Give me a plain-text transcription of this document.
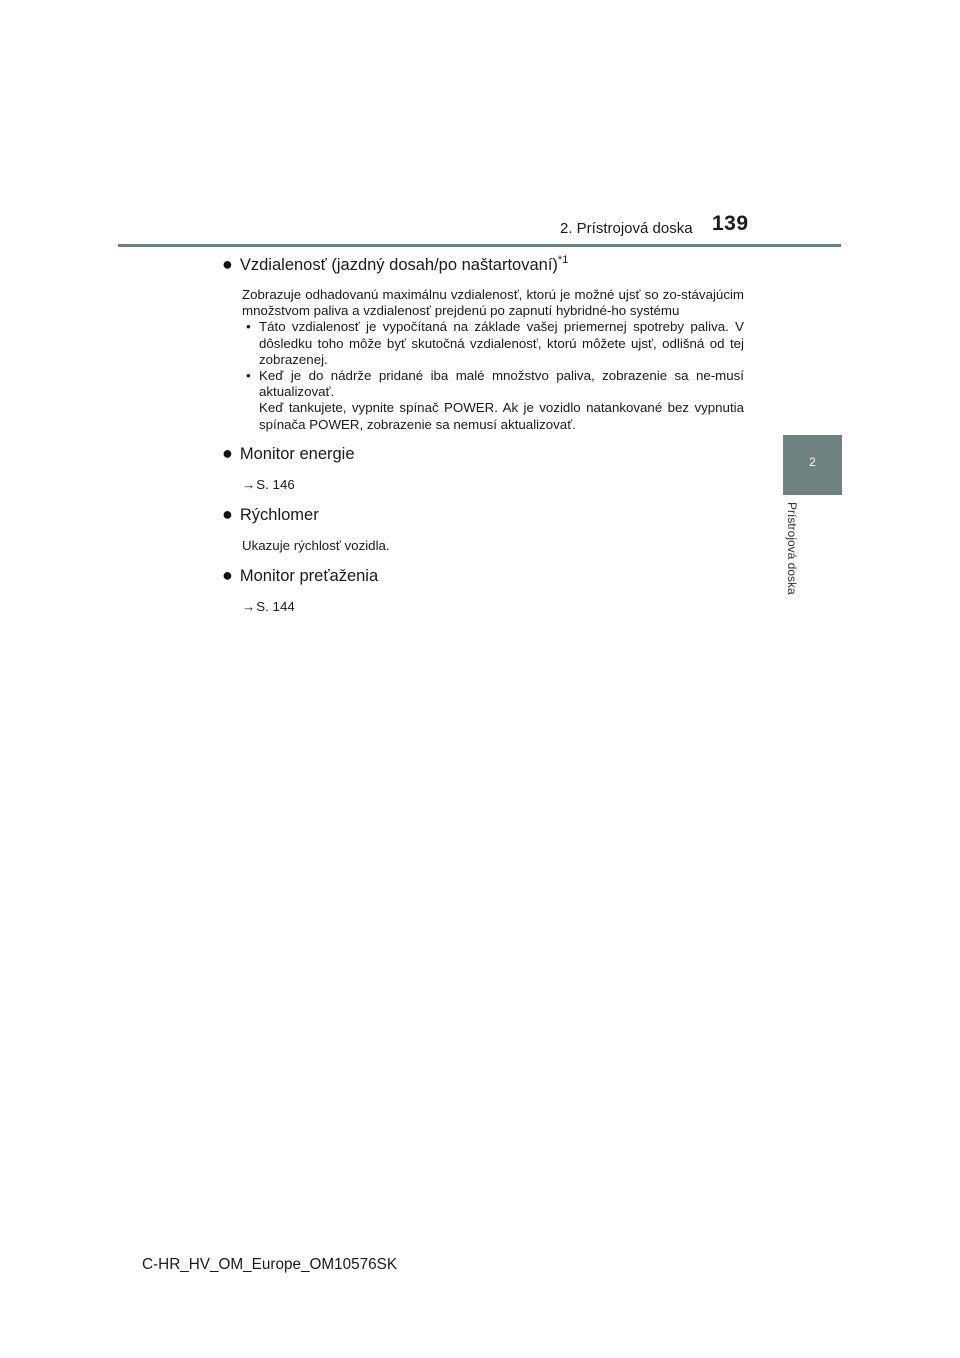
2. Prístrojová doska 139
2
Prístrojová doska
● Vzdialenosť (jazdný dosah/po naštartovaní)$^{*1}$
Zobrazuje odhadovanú maximálnu vzdialenosť, ktorú je možné ujsť so zo-stávajúcim množstvom paliva a vzdialenosť prejdenú po zapnutí hybridné-ho systému
• Táto vzdialenosť je vypočítaná na základe vašej priemernej spotreby paliva. V dôsledku toho môže byť skutočná vzdialenosť, ktorú môžete ujsť, odlišná od tej zobrazenej.
• Keď je do nádrže pridané iba malé množstvo paliva, zobrazenie sa ne-musí aktualizovať.
Keď tankujete, vypnite spínač POWER. Ak je vozidlo natankované bez vypnutia spínača POWER, zobrazenie sa nemusí aktualizovať.
● Monitor energie
→S. 146
● Rýchlomer
Ukazuje rýchlosť vozidla.
● Monitor preťaženia
→S. 144
C-HR_HV_OM_Europe_OM10576SK
